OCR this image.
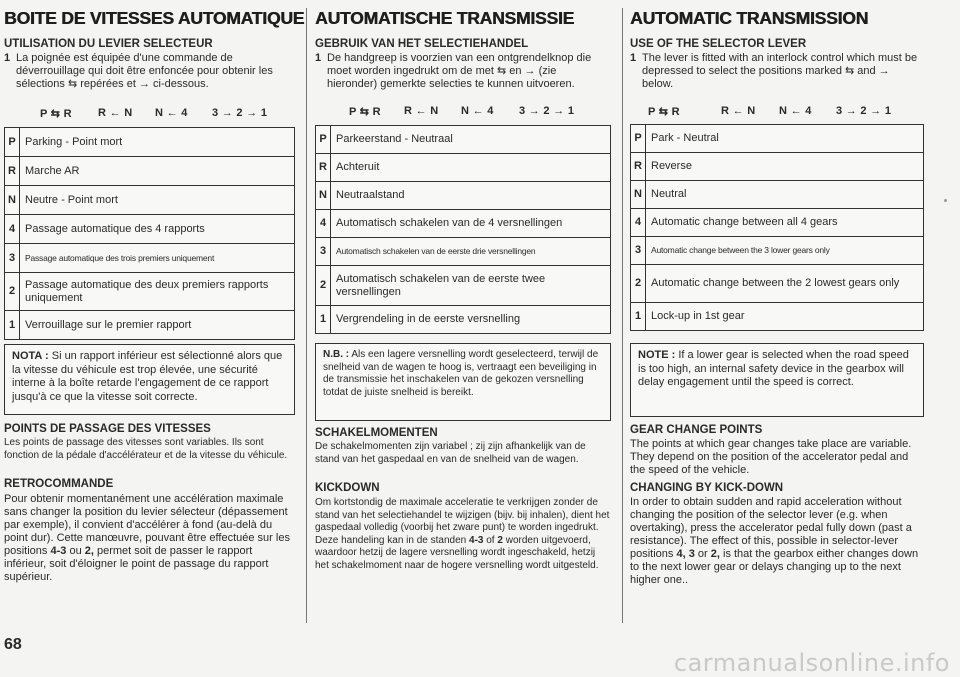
BOITE DE VITESSES AUTOMATIQUE
UTILISATION DU LEVIER SELECTEUR
1 La poignée est équipée d'une commande de déverrouillage qui doit être enfoncée pour obtenir les sélections ⇆ repérées et → ci-dessous.
P ⇆ R R ← N N ← 4 3 → 2 → 1
P	Parking - Point mort
R	Marche AR
N	Neutre - Point mort
4	Passage automatique des 4 rapports
3	Passage automatique des trois premiers uniquement
2	Passage automatique des deux premiers rapports uniquement
1	Verrouillage sur le premier rapport
NOTA : Si un rapport inférieur est sélectionné alors que la vitesse du véhicule est trop élevée, une sécurité interne à la boîte retarde l'engagement de ce rapport jusqu'à ce que la vitesse soit correcte.
POINTS DE PASSAGE DES VITESSES
Les points de passage des vitesses sont variables. Ils sont fonction de la pédale d'accélérateur et de la vitesse du véhicule.
RETROCOMMANDE
Pour obtenir momentanément une accélération maximale sans changer la position du levier sélecteur (dépassement par exemple), il convient d'accélérer à fond (au-delà du point dur). Cette manœuvre, pouvant être effectuée sur les positions 4-3 ou 2, permet soit de passer le rapport inférieur, soit d'éloigner le point de passage du rapport supérieur.
AUTOMATISCHE TRANSMISSIE
GEBRUIK VAN HET SELECTIEHANDEL
1 De handgreep is voorzien van een ontgrendelknop die moet worden ingedrukt om de met ⇆ en → (zie hieronder) gemerkte selecties te kunnen uitvoeren.
P ⇆ R R ← N N ← 4 3 → 2 → 1
P	Parkeerstand - Neutraal
R	Achteruit
N	Neutraalstand
4	Automatisch schakelen van de 4 versnellingen
3	Automatisch schakelen van de eerste drie versnellingen
2	Automatisch schakelen van de eerste twee versnellingen
1	Vergrendeling in de eerste versnelling
N.B. : Als een lagere versnelling wordt geselecteerd, terwijl de snelheid van de wagen te hoog is, vertraagt een beveiliging in de transmissie het inschakelen van de gekozen versnelling totdat de juiste snelheid is bereikt.
SCHAKELMOMENTEN
De schakelmomenten zijn variabel ; zij zijn afhankelijk van de stand van het gaspedaal en van de snelheid van de wagen.
KICKDOWN
Om kortstondig de maximale acceleratie te verkrijgen zonder de stand van het selectiehandel te wijzigen (bijv. bij inhalen), dient het gaspedaal volledig (voorbij het zware punt) te worden ingedrukt. Deze handeling kan in de standen 4-3 of 2 worden uitgevoerd, waardoor hetzij de lagere versnelling wordt ingeschakeld, hetzij het schakelmoment naar de hogere versnelling wordt uitgesteld.
AUTOMATIC TRANSMISSION
USE OF THE SELECTOR LEVER
1 The lever is fitted with an interlock control which must be depressed to select the positions marked ⇆ and → below.
P ⇆ R	R ← N N ← 4 3 → 2 → 1
P	Park - Neutral
R	Reverse
N	Neutral
4	Automatic change between all 4 gears
3	Automatic change between the 3 lower gears only
2	Automatic change between the 2 lowest gears only
1	Lock-up in 1st gear
NOTE : If a lower gear is selected when the road speed is too high, an internal safety device in the gearbox will delay engagement until the speed is correct.
GEAR CHANGE POINTS
The points at which gear changes take place are variable. They depend on the position of the accelerator pedal and the speed of the vehicle.
CHANGING BY KICK-DOWN
In order to obtain sudden and rapid acceleration without changing the position of the selector lever (e.g. when overtaking), press the accelerator pedal fully down (past a resistance). The effect of this, possible in selector-lever positions 4, 3 or 2, is that the gearbox either changes down to the next lower gear or delays changing up to the next higher one..
68
carmanualsonline.info
